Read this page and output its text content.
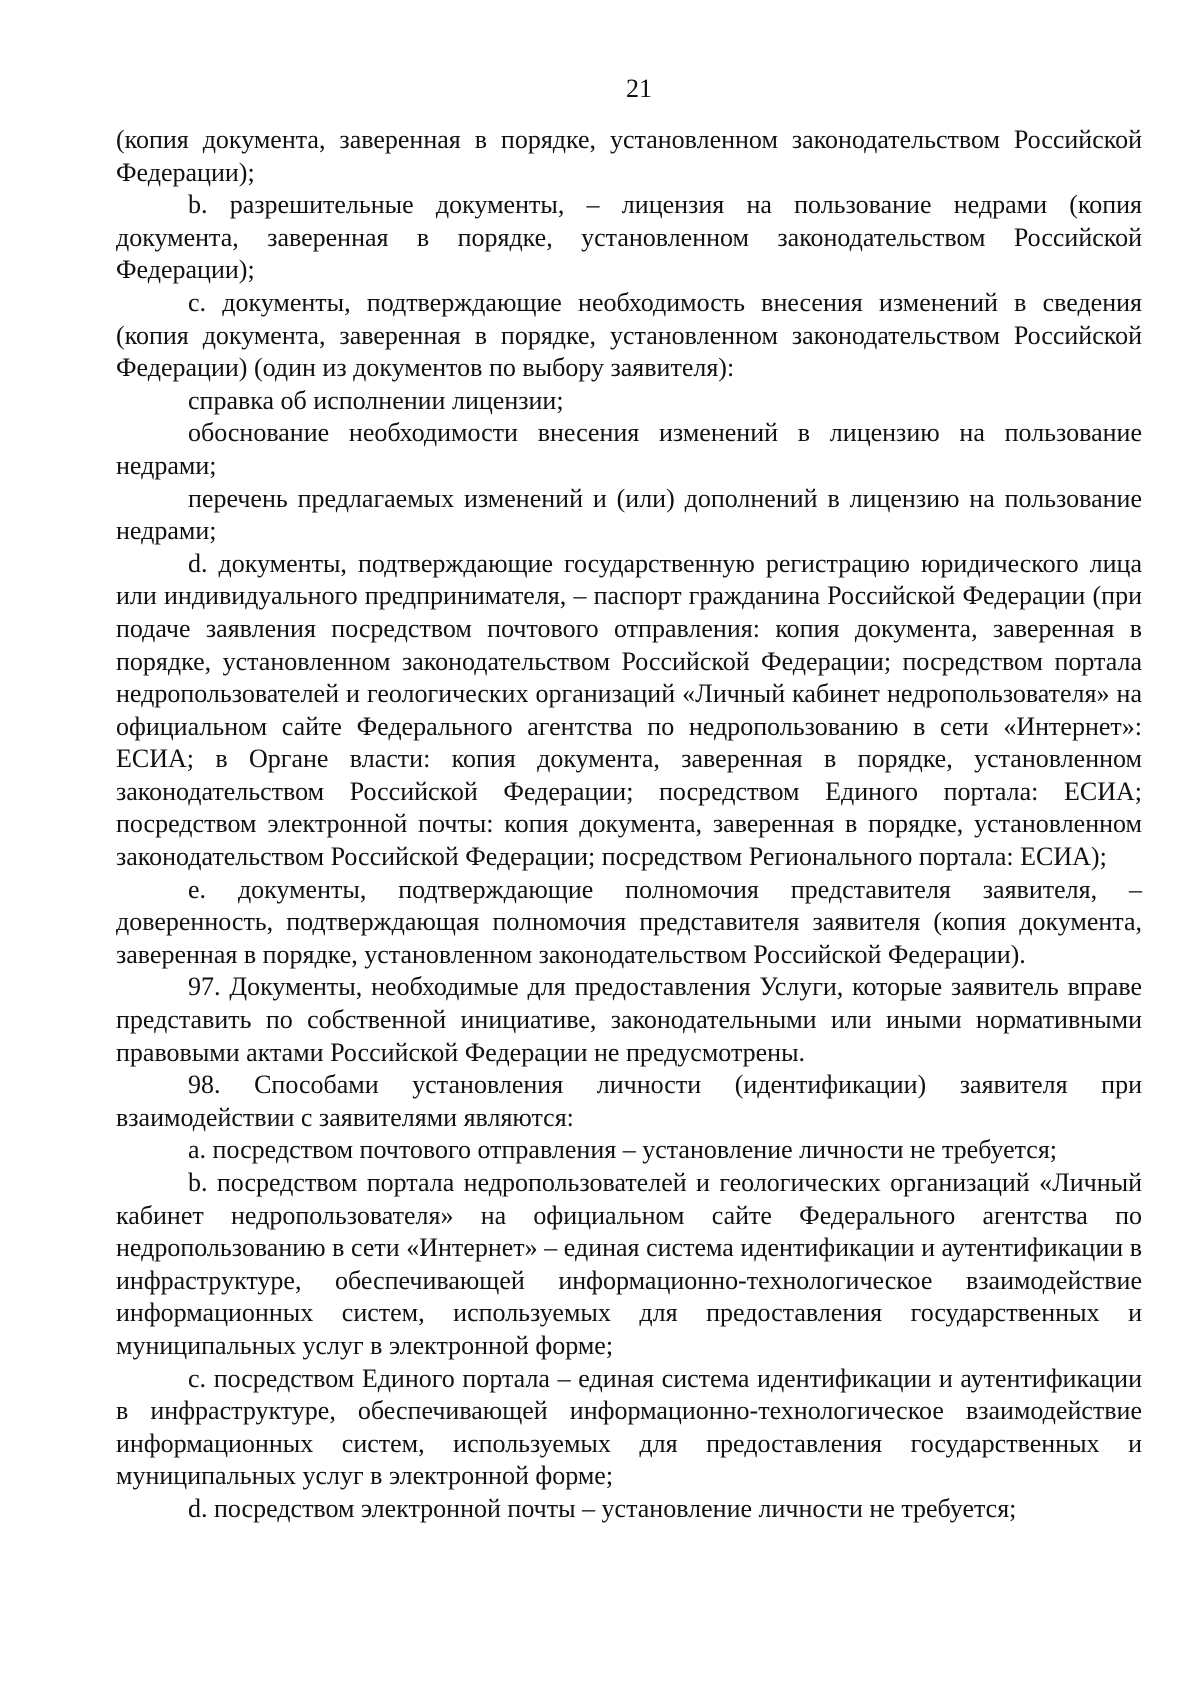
21

(копия документа, заверенная в порядке, установленном законодательством Российской Федерации);

b. разрешительные документы, – лицензия на пользование недрами (копия документа, заверенная в порядке, установленном законодательством Российской Федерации);

c. документы, подтверждающие необходимость внесения изменений в сведения (копия документа, заверенная в порядке, установленном законодательством Российской Федерации) (один из документов по выбору заявителя):

справка об исполнении лицензии;

обоснование необходимости внесения изменений в лицензию на пользование недрами;

перечень предлагаемых изменений и (или) дополнений в лицензию на пользование недрами;

d. документы, подтверждающие государственную регистрацию юридического лица или индивидуального предпринимателя, – паспорт гражданина Российской Федерации (при подаче заявления посредством почтового отправления: копия документа, заверенная в порядке, установленном законодательством Российской Федерации; посредством портала недропользователей и геологических организаций «Личный кабинет недропользователя» на официальном сайте Федерального агентства по недропользованию в сети «Интернет»: ЕСИА; в Органе власти: копия документа, заверенная в порядке, установленном законодательством Российской Федерации; посредством Единого портала: ЕСИА; посредством электронной почты: копия документа, заверенная в порядке, установленном законодательством Российской Федерации; посредством Регионального портала: ЕСИА);

e. документы, подтверждающие полномочия представителя заявителя, – доверенность, подтверждающая полномочия представителя заявителя (копия документа, заверенная в порядке, установленном законодательством Российской Федерации).

97. Документы, необходимые для предоставления Услуги, которые заявитель вправе представить по собственной инициативе, законодательными или иными нормативными правовыми актами Российской Федерации не предусмотрены.

98. Способами установления личности (идентификации) заявителя при взаимодействии с заявителями являются:

a. посредством почтового отправления – установление личности не требуется;

b. посредством портала недропользователей и геологических организаций «Личный кабинет недропользователя» на официальном сайте Федерального агентства по недропользованию в сети «Интернет» – единая система идентификации и аутентификации в инфраструктуре, обеспечивающей информационно-технологическое взаимодействие информационных систем, используемых для предоставления государственных и муниципальных услуг в электронной форме;

c. посредством Единого портала – единая система идентификации и аутентификации в инфраструктуре, обеспечивающей информационно-технологическое взаимодействие информационных систем, используемых для предоставления государственных и муниципальных услуг в электронной форме;

d. посредством электронной почты – установление личности не требуется;
